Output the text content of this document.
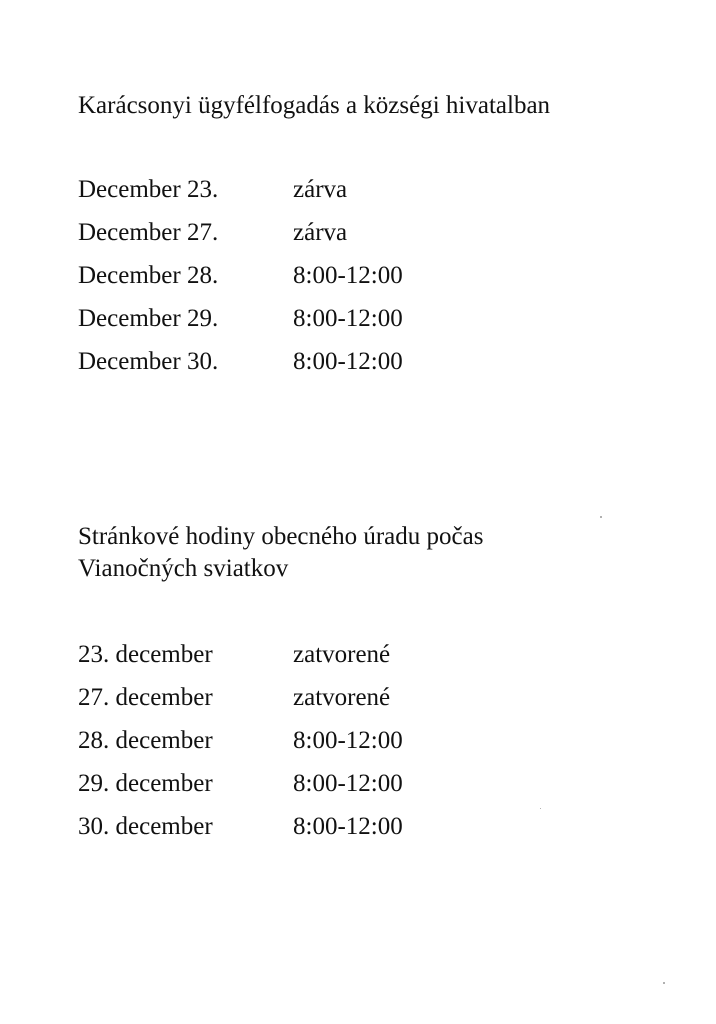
Karácsonyi ügyfélfogadás a községi hivatalban
December 23.	zárva
December 27.	zárva
December 28.	8:00-12:00
December 29.	8:00-12:00
December 30.	8:00-12:00
Stránkové hodiny obecného úradu počas
Vianočných sviatkov
23. december	zatvorené
27. december	zatvorené
28. december	8:00-12:00
29. december	8:00-12:00
30. december	8:00-12:00
